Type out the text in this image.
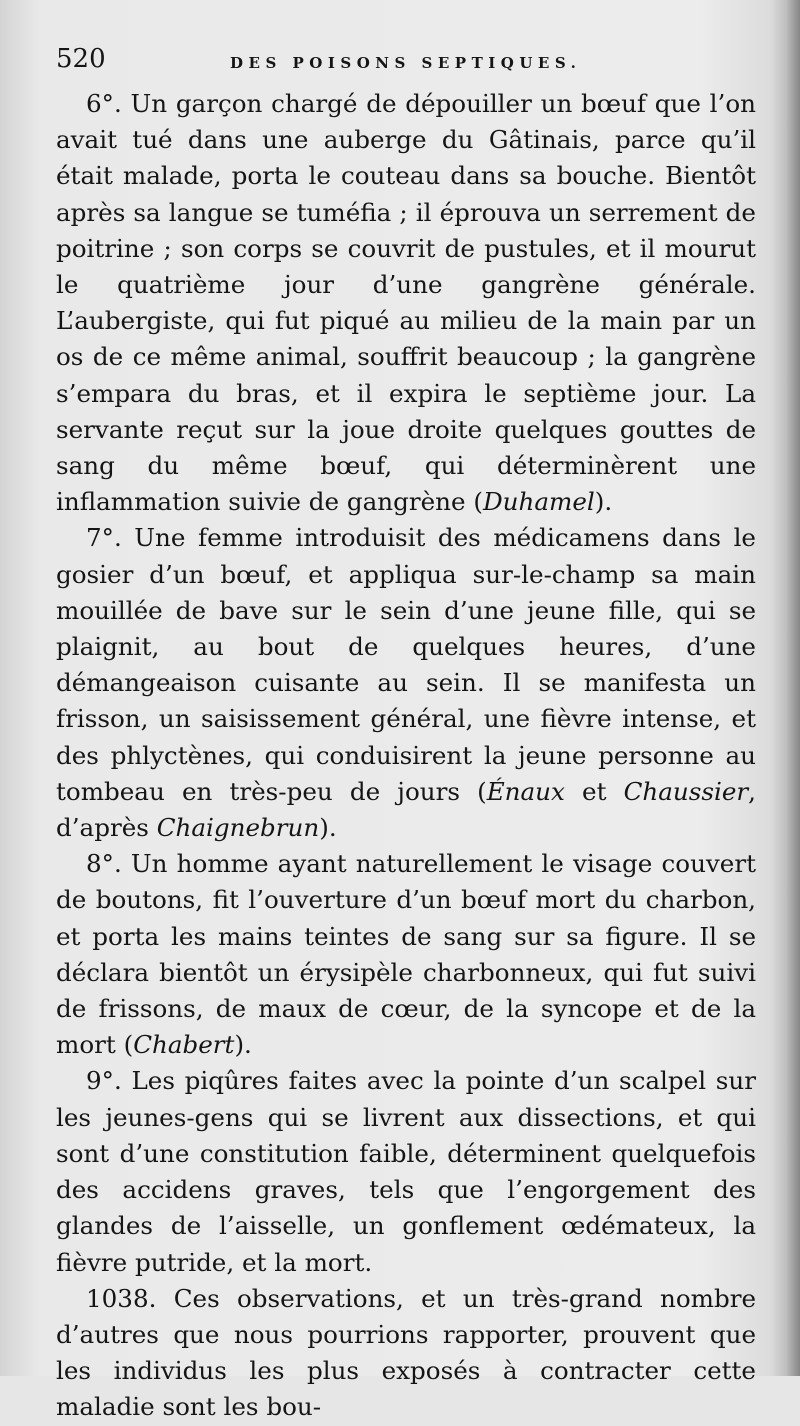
520	DES POISONS SEPTIQUES.

6°. Un garçon chargé de dépouiller un bœuf que l’on avait tué dans une auberge du Gâtinais, parce qu’il était malade, porta le couteau dans sa bouche. Bientôt après sa langue se tuméfia ; il éprouva un serrement de poitrine ; son corps se couvrit de pustules, et il mourut le quatrième jour d’une gangrène générale. L’aubergiste, qui fut piqué au milieu de la main par un os de ce même animal, souffrit beaucoup ; la gangrène s’empara du bras, et il expira le septième jour. La servante reçut sur la joue droite quelques gouttes de sang du même bœuf, qui déterminèrent une inflammation suivie de gangrène (Duhamel).

7°. Une femme introduisit des médicamens dans le gosier d’un bœuf, et appliqua sur-le-champ sa main mouillée de bave sur le sein d’une jeune fille, qui se plaignit, au bout de quelques heures, d’une démangeaison cuisante au sein. Il se manifesta un frisson, un saisissement général, une fièvre intense, et des phlyctènes, qui conduisirent la jeune personne au tombeau en très-peu de jours (Énaux et Chaussier, d’après Chaignebrun).

8°. Un homme ayant naturellement le visage couvert de boutons, fit l’ouverture d’un bœuf mort du charbon, et porta les mains teintes de sang sur sa figure. Il se déclara bientôt un érysipèle charbonneux, qui fut suivi de frissons, de maux de cœur, de la syncope et de la mort (Chabert).

9°. Les piqûres faites avec la pointe d’un scalpel sur les jeunes-gens qui se livrent aux dissections, et qui sont d’une constitution faible, déterminent quelquefois des accidens graves, tels que l’engorgement des glandes de l’aisselle, un gonflement œdémateux, la fièvre putride, et la mort.

1038. Ces observations, et un très-grand nombre d’autres que nous pourrions rapporter, prouvent que les individus les plus exposés à contracter cette maladie sont les bou-
